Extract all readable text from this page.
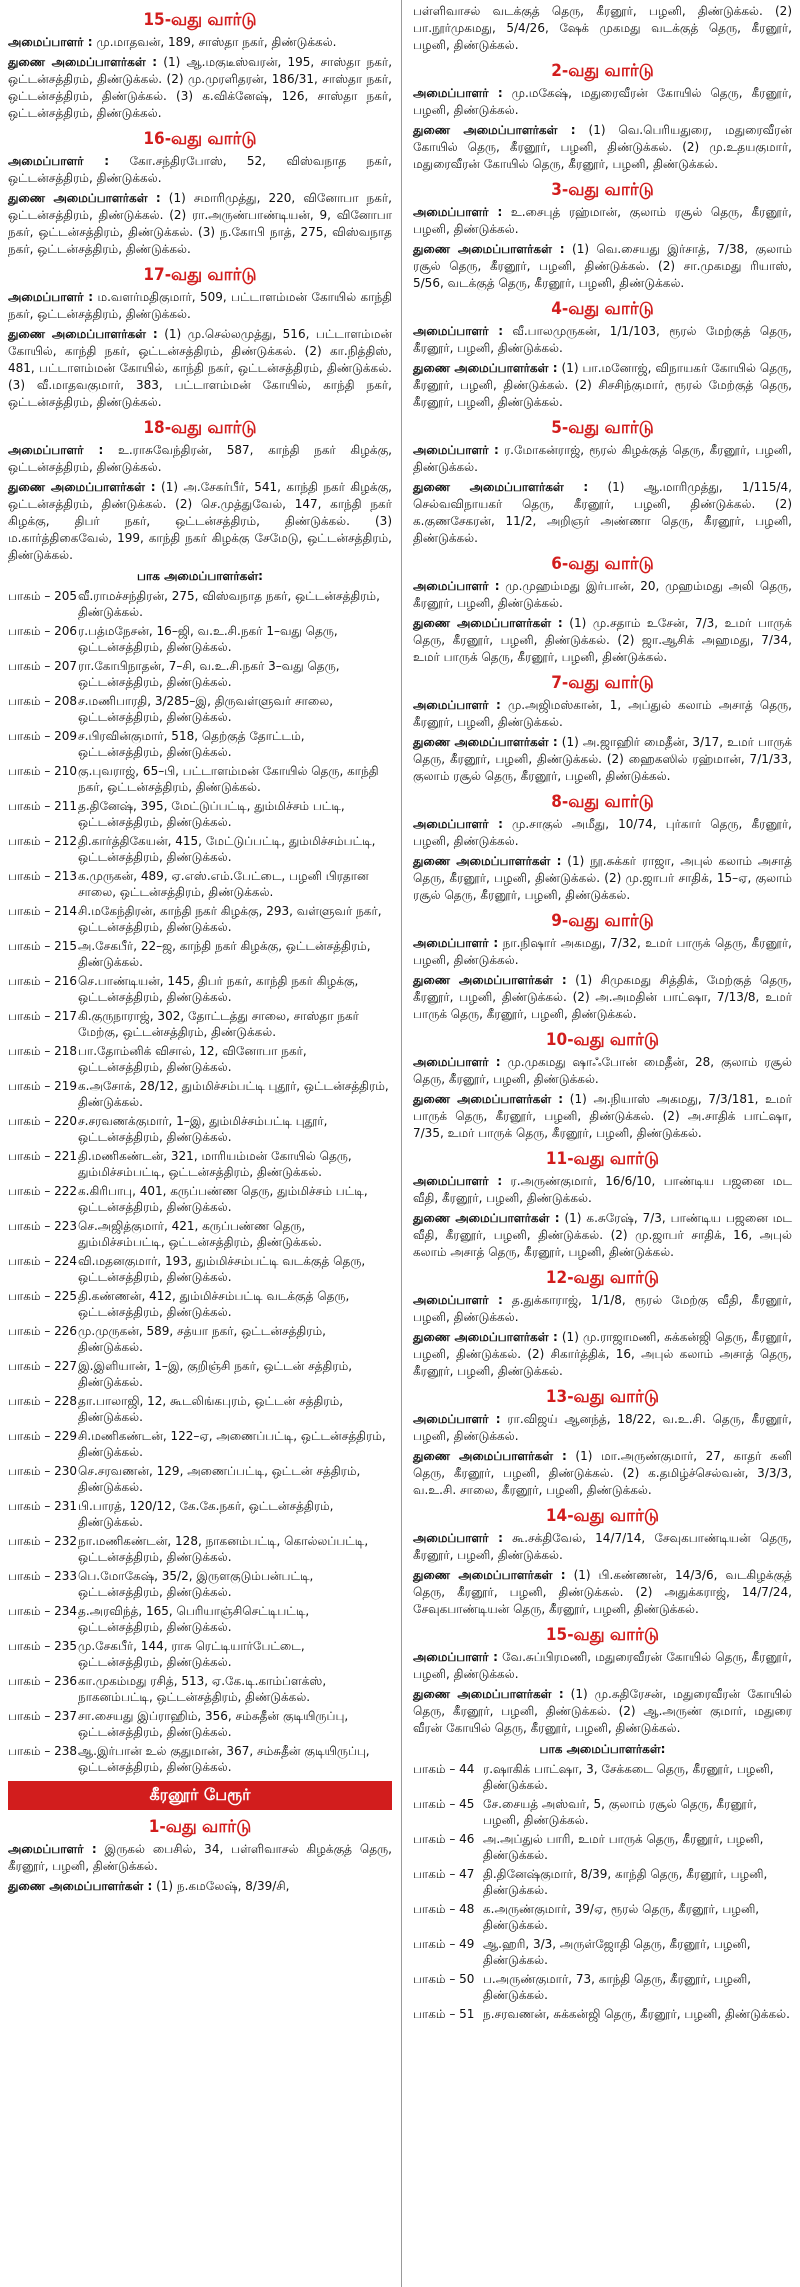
15-வது வார்டு

அமைப்பாளர் : மு.மாதவன், 189, சாஸ்தா நகர், திண்டுக்கல்.

துணை அமைப்பாளர்கள் : (1) ஆ.மகுடீஸ்வரன், 195, சாஸ்தா நகர், ஒட்டன்சத்திரம், திண்டுக்கல். (2) மு.முரளிதரன், 186/31, சாஸ்தா நகர், ஒட்டன்சத்திரம், திண்டுக்கல். (3) க.விக்னேஷ், 126, சாஸ்தா நகர், ஒட்டன்சத்திரம், திண்டுக்கல்.

16-வது வார்டு

அமைப்பாளர் : கோ.சந்திரபோஸ், 52, விஸ்வநாத நகர், ஒட்டன்சத்திரம், திண்டுக்கல்.

துணை அமைப்பாளர்கள் : (1) சமாரிமுத்து, 220, வினோபா நகர், ஒட்டன்சத்திரம், திண்டுக்கல். (2) ரா.அருண்பாண்டியன், 9, வினோபா நகர், ஒட்டன்சத்திரம், திண்டுக்கல். (3) ந.கோபி நாத், 275, விஸ்வநாத நகர், ஒட்டன்சத்திரம், திண்டுக்கல்.

17-வது வார்டு

அமைப்பாளர் : ம.வளர்மதிகுமார், 509, பட்டாளம்மன் கோயில் காந்தி நகர், ஒட்டன்சத்திரம், திண்டுக்கல்.

துணை அமைப்பாளர்கள் : (1) மு.செல்லமுத்து, 516, பட்டாளம்மன் கோயில், காந்தி நகர், ஒட்டன்சத்திரம், திண்டுக்கல். (2) கா.நித்திஸ், 481, பட்டாளம்மன் கோயில், காந்தி நகர், ஒட்டன்சத்திரம், திண்டுக்கல். (3) வீ.மாதவகுமார், 383, பட்டாளம்மன் கோயில், காந்தி நகர், ஒட்டன்சத்திரம், திண்டுக்கல்.

18-வது வார்டு

அமைப்பாளர் : உ.ராசுவேந்திரன், 587, காந்தி நகர் கிழக்கு, ஒட்டன்சத்திரம், திண்டுக்கல்.

துணை அமைப்பாளர்கள் : (1) அ.சேகர்பீர், 541, காந்தி நகர் கிழக்கு, ஒட்டன்சத்திரம், திண்டுக்கல். (2) செ.முத்துவேல், 147, காந்தி நகர் கிழக்கு, திபர் நகர், ஒட்டன்சத்திரம், திண்டுக்கல். (3) ம.கார்த்திகைவேல், 199, காந்தி நகர் கிழக்கு சேமேடு, ஒட்டன்சத்திரம், திண்டுக்கல்.

பாக அமைப்பாளர்கள்:
பாகம் – 205 வீ.ராமச்சந்திரன், 275, விஸ்வநாத நகர், ஒட்டன்சத்திரம், திண்டுக்கல்.
பாகம் – 206 ர.பத்மநேசன், 16–ஜி, வ.உ.சி.நகர் 1–வது தெரு, ஒட்டன்சத்திரம், திண்டுக்கல்.
பாகம் – 207 ரா.கோபிநாதன், 7–சி, வ.உ.சி.நகர் 3–வது தெரு, ஒட்டன்சத்திரம், திண்டுக்கல்.
பாகம் – 208 ச.மணிபாரதி, 3/285–இ, திருவள்ளுவர் சாலை, ஒட்டன்சத்திரம், திண்டுக்கல்.
பாகம் – 209 ச.பிரவின்குமார், 518, தெற்குத் தோட்டம், ஒட்டன்சத்திரம், திண்டுக்கல்.
பாகம் – 210 கு.புவராஜ், 65–பி, பட்டாளம்மன் கோயில் தெரு, காந்தி நகர், ஒட்டன்சத்திரம், திண்டுக்கல்.
பாகம் – 211 த.தினேஷ், 395, மேட்டுப்பட்டி, தும்மிச்சம் பட்டி, ஒட்டன்சத்திரம், திண்டுக்கல்.
பாகம் – 212 தி.கார்த்திகேயன், 415, மேட்டுப்பட்டி, தும்மிச்சம்பட்டி, ஒட்டன்சத்திரம், திண்டுக்கல்.
பாகம் – 213 க.முருகன், 489, ஏ.எஸ்.எம்.பேட்டை, பழனி பிரதான சாலை, ஒட்டன்சத்திரம், திண்டுக்கல்.
பாகம் – 214 சி.மகேந்திரன், காந்தி நகர் கிழக்கு, 293, வள்ளுவர் நகர், ஒட்டன்சத்திரம், திண்டுக்கல்.
பாகம் – 215 அ.சேகபீர், 22–ஜ, காந்தி நகர் கிழக்கு, ஒட்டன்சத்திரம், திண்டுக்கல்.
பாகம் – 216 செ.பாண்டியன், 145, திபர் நகர், காந்தி நகர் கிழக்கு, ஒட்டன்சத்திரம், திண்டுக்கல்.
பாகம் – 217 கி.குருநாராஜ், 302, தோட்டத்து சாலை, சாஸ்தா நகர் மேற்கு, ஒட்டன்சத்திரம், திண்டுக்கல்.
பாகம் – 218 பா.தோம்னிக் விசால், 12, வினோபா நகர், ஒட்டன்சத்திரம், திண்டுக்கல்.
பாகம் – 219 க.அசோக், 28/12, தும்மிச்சம்பட்டி புதூர், ஒட்டன்சத்திரம், திண்டுக்கல்.
பாகம் – 220 ச.சரவணக்குமார், 1–இ, தும்மிச்சம்பட்டி புதூர், ஒட்டன்சத்திரம், திண்டுக்கல்.
பாகம் – 221 தி.மணிகண்டன், 321, மாரியம்மன் கோயில் தெரு, தும்மிச்சம்பட்டி, ஒட்டன்சத்திரம், திண்டுக்கல்.
பாகம் – 222 க.கிரிபாபு, 401, கருப்பண்ண தெரு, தும்மிச்சம் பட்டி, ஒட்டன்சத்திரம், திண்டுக்கல்.
பாகம் – 223 செ.அஜித்குமார், 421, கருப்பண்ண தெரு, தும்மிச்சம்பட்டி, ஒட்டன்சத்திரம், திண்டுக்கல்.
பாகம் – 224 வி.மதனகுமார், 193, தும்மிச்சம்பட்டி வடக்குத் தெரு, ஒட்டன்சத்திரம், திண்டுக்கல்.
பாகம் – 225 தி.கண்ணன், 412, தும்மிச்சம்பட்டி வடக்குத் தெரு, ஒட்டன்சத்திரம், திண்டுக்கல்.
பாகம் – 226 மு.முருகன், 589, சத்யா நகர், ஒட்டன்சத்திரம், திண்டுக்கல்.
பாகம் – 227 இ.இளியான், 1–இ, குறிஞ்சி நகர், ஒட்டன் சத்திரம், திண்டுக்கல்.
பாகம் – 228 தா.பாலாஜி, 12, கூடலிங்கபுரம், ஒட்டன் சத்திரம், திண்டுக்கல்.
பாகம் – 229 சி.மணிகண்டன், 122–ஏ, அணைப்பட்டி, ஒட்டன்சத்திரம், திண்டுக்கல்.
பாகம் – 230 செ.சரவணன், 129, அணைப்பட்டி, ஒட்டன் சத்திரம், திண்டுக்கல்.
பாகம் – 231 பி.பாரத், 120/12, கே.கே.நகர், ஒட்டன்சத்திரம், திண்டுக்கல்.
பாகம் – 232 நா.மணிகண்டன், 128, நாகனம்பட்டி, கொல்லப்பட்டி, ஒட்டன்சத்திரம், திண்டுக்கல்.
பாகம் – 233 பெ.மோகேஷ், 35/2, இருளகுடும்பன்பட்டி, ஒட்டன்சத்திரம், திண்டுக்கல்.
பாகம் – 234 த.அரவிந்த், 165, பெரியாஞ்சிசெட்டிபட்டி, ஒட்டன்சத்திரம், திண்டுக்கல்.
பாகம் – 235 மு.சேகபீர், 144, ராசு ரெட்டியார்பேட்டை, ஒட்டன்சத்திரம், திண்டுக்கல்.
பாகம் – 236 கா.முகம்மது ரசித், 513, ஏ.கே.டி.காம்ப்ளக்ஸ், நாகனம்பட்டி, ஒட்டன்சத்திரம், திண்டுக்கல்.
பாகம் – 237 சா.சையது இப்ராஹிம், 356, சம்சுதீன் குடியிருப்பு, ஒட்டன்சத்திரம், திண்டுக்கல்.
பாகம் – 238 ஆ.இர்பான் உல் குதுமான், 367, சம்சுதீன் குடியிருப்பு, ஒட்டன்சத்திரம், திண்டுக்கல்.
கீரனூர் பேரூர்
1-வது வார்டு

அமைப்பாளர் : இருகல் பைசில், 34, பள்ளிவாசல் கிழக்குத் தெரு, கீரனூர், பழனி, திண்டுக்கல்.

துணை அமைப்பாளர்கள் : (1) ந.கமலேஷ், 8/39/சி,

பள்ளிவாசல் வடக்குத் தெரு, கீரனூர், பழனி, திண்டுக்கல். (2) பா.நூர்முகமது, 5/4/26, ஷேக் முகமது வடக்குத் தெரு, கீரனூர், பழனி, திண்டுக்கல்.

2-வது வார்டு

அமைப்பாளர் : மு.மகேஷ், மதுரைவீரன் கோயில் தெரு, கீரனூர், பழனி, திண்டுக்கல்.

துணை அமைப்பாளர்கள் : (1) வெ.பெரியதுரை, மதுரைவீரன் கோயில் தெரு, கீரனூர், பழனி, திண்டுக்கல். (2) மு.உதயகுமார், மதுரைவீரன் கோயில் தெரு, கீரனூர், பழனி, திண்டுக்கல்.

3-வது வார்டு

அமைப்பாளர் : உ.சைபுத் ரஹ்மான், குலாம் ரசூல் தெரு, கீரனூர், பழனி, திண்டுக்கல்.

துணை அமைப்பாளர்கள் : (1) வெ.சையது இர்சாத், 7/38, குலாம் ரசூல் தெரு, கீரனூர், பழனி, திண்டுக்கல். (2) சா.முகமது ரியாஸ், 5/56, வடக்குத் தெரு, கீரனூர், பழனி, திண்டுக்கல்.

4-வது வார்டு

அமைப்பாளர் : வீ.பாலமுருகன், 1/1/103, ரூரல் மேற்குத் தெரு, கீரனூர், பழனி, திண்டுக்கல்.

துணை அமைப்பாளர்கள் : (1) பா.மனோஜ், விநாயகர் கோயில் தெரு, கீரனூர், பழனி, திண்டுக்கல். (2) சிசசிந்குமார், ரூரல் மேற்குத் தெரு, கீரனூர், பழனி, திண்டுக்கல்.

5-வது வார்டு

அமைப்பாளர் : ர.மோகன்ராஜ், ரூரல் கிழக்குத் தெரு, கீரனூர், பழனி, திண்டுக்கல்.

துணை அமைப்பாளர்கள் : (1) ஆ.மாரிமுத்து, 1/115/4, செல்வவிநாயகர் தெரு, கீரனூர், பழனி, திண்டுக்கல். (2) க.குணசேகரன், 11/2, அறிஞர் அண்ணா தெரு, கீரனூர், பழனி, திண்டுக்கல்.

6-வது வார்டு

அமைப்பாளர் : மு.முஹம்மது இர்பான், 20, முஹம்மது அலி தெரு, கீரனூர், பழனி, திண்டுக்கல்.

துணை அமைப்பாளர்கள் : (1) மு.சதாம் உசேன், 7/3, உமர் பாருக் தெரு, கீரனூர், பழனி, திண்டுக்கல். (2) ஜா.ஆசிக் அஹமது, 7/34, உமர் பாருக் தெரு, கீரனூர், பழனி, திண்டுக்கல்.

7-வது வார்டு

அமைப்பாளர் : மு.அஜிமஸ்கான், 1, அப்துல் கலாம் அசாத் தெரு, கீரனூர், பழனி, திண்டுக்கல்.

துணை அமைப்பாளர்கள் : (1) அ.ஜாஹிர் மைதீன், 3/17, உமர் பாருக் தெரு, கீரனூர், பழனி, திண்டுக்கல். (2) ஹைகஸில் ரஹ்மான், 7/1/33, குலாம் ரசூல் தெரு, கீரனூர், பழனி, திண்டுக்கல்.

8-வது வார்டு

அமைப்பாளர் : மு.சாகுல் அமீது, 10/74, புர்கார் தெரு, கீரனூர், பழனி, திண்டுக்கல்.

துணை அமைப்பாளர்கள் : (1) நூ.சுக்கர் ராஜா, அபுல் கலாம் அசாத் தெரு, கீரனூர், பழனி, திண்டுக்கல். (2) மு.ஜாபர் சாதிக், 15–ஏ, குலாம் ரசூல் தெரு, கீரனூர், பழனி, திண்டுக்கல்.

9-வது வார்டு

அமைப்பாளர் : நா.நிஷார் அகமது, 7/32, உமர் பாருக் தெரு, கீரனூர், பழனி, திண்டுக்கல்.

துணை அமைப்பாளர்கள் : (1) சிமுகமது சித்திக், மேற்குத் தெரு, கீரனூர், பழனி, திண்டுக்கல். (2) அ.அமதின் பாட்ஷா, 7/13/8, உமர் பாருக் தெரு, கீரனூர், பழனி, திண்டுக்கல்.

10-வது வார்டு

அமைப்பாளர் : மு.முகமது ஷாஃபோன் மைதீன், 28, குலாம் ரசூல் தெரு, கீரனூர், பழனி, திண்டுக்கல்.

துணை அமைப்பாளர்கள் : (1) அ.நியாஸ் அகமது, 7/3/181, உமர் பாருக் தெரு, கீரனூர், பழனி, திண்டுக்கல். (2) அ.சாதிக் பாட்ஷா, 7/35, உமர் பாருக் தெரு, கீரனூர், பழனி, திண்டுக்கல்.

11-வது வார்டு

அமைப்பாளர் : ர.அருண்குமார், 16/6/10, பாண்டிய பஜனை மட வீதி, கீரனூர், பழனி, திண்டுக்கல்.

துணை அமைப்பாளர்கள் : (1) க.சுரேஷ், 7/3, பாண்டிய பஜனை மட வீதி, கீரனூர், பழனி, திண்டுக்கல். (2) மு.ஜாபர் சாதிக், 16, அபுல் கலாம் அசாத் தெரு, கீரனூர், பழனி, திண்டுக்கல்.

12-வது வார்டு

அமைப்பாளர் : த.துக்காராஜ், 1/1/8, ரூரல் மேற்கு வீதி, கீரனூர், பழனி, திண்டுக்கல்.

துணை அமைப்பாளர்கள் : (1) மு.ராஜாமணி, சுக்கன்ஜி தெரு, கீரனூர், பழனி, திண்டுக்கல். (2) சிகார்த்திக், 16, அபுல் கலாம் அசாத் தெரு, கீரனூர், பழனி, திண்டுக்கல்.

13-வது வார்டு

அமைப்பாளர் : ரா.விஜய் ஆனந்த், 18/22, வ.உ.சி. தெரு, கீரனூர், பழனி, திண்டுக்கல்.

துணை அமைப்பாளர்கள் : (1) மா.அருண்குமார், 27, காதர் கனி தெரு, கீரனூர், பழனி, திண்டுக்கல். (2) க.தமிழ்ச்செல்வன், 3/3/3, வ.உ.சி. சாலை, கீரனூர், பழனி, திண்டுக்கல்.

14-வது வார்டு

அமைப்பாளர் : கூ.சக்திவேல், 14/7/14, சேவுகபாண்டியன் தெரு, கீரனூர், பழனி, திண்டுக்கல்.

துணை அமைப்பாளர்கள் : (1) பி.கண்ணன், 14/3/6, வடகிழக்குத் தெரு, கீரனூர், பழனி, திண்டுக்கல். (2) அதுக்கராஜ், 14/7/24, சேவுகபாண்டியன் தெரு, கீரனூர், பழனி, திண்டுக்கல்.

15-வது வார்டு

அமைப்பாளர் : வே.சுப்பிரமணி, மதுரைவீரன் கோயில் தெரு, கீரனூர், பழனி, திண்டுக்கல்.

துணை அமைப்பாளர்கள் : (1) மு.சுதிரேசன், மதுரைவீரன் கோயில் தெரு, கீரனூர், பழனி, திண்டுக்கல். (2) ஆ.அருண் குமார், மதுரை வீரன் கோயில் தெரு, கீரனூர், பழனி, திண்டுக்கல்.

பாக அமைப்பாளர்கள்:
பாகம் – 44 ர.ஷாகிக் பாட்ஷா, 3, சேக்கடை தெரு, கீரனூர், பழனி, திண்டுக்கல்.
பாகம் – 45 சே.சையத் அஸ்வர், 5, குலாம் ரசூல் தெரு, கீரனூர், பழனி, திண்டுக்கல்.
பாகம் – 46 அ.அப்துல் பாரி, உமர் பாருக் தெரு, கீரனூர், பழனி, திண்டுக்கல்.
பாகம் – 47 தி.தினேஷ்குமார், 8/39, காந்தி தெரு, கீரனூர், பழனி, திண்டுக்கல்.
பாகம் – 48 க.அருண்குமார், 39/ஏ, ரூரல் தெரு, கீரனூர், பழனி, திண்டுக்கல்.
பாகம் – 49 ஆ.ஹரி, 3/3, அருள்ஜோதி தெரு, கீரனூர், பழனி, திண்டுக்கல்.
பாகம் – 50 ப.அருண்குமார், 73, காந்தி தெரு, கீரனூர், பழனி, திண்டுக்கல்.
பாகம் – 51 ந.சரவணன், சுக்கன்ஜி தெரு, கீரனூர், பழனி, திண்டுக்கல்.
